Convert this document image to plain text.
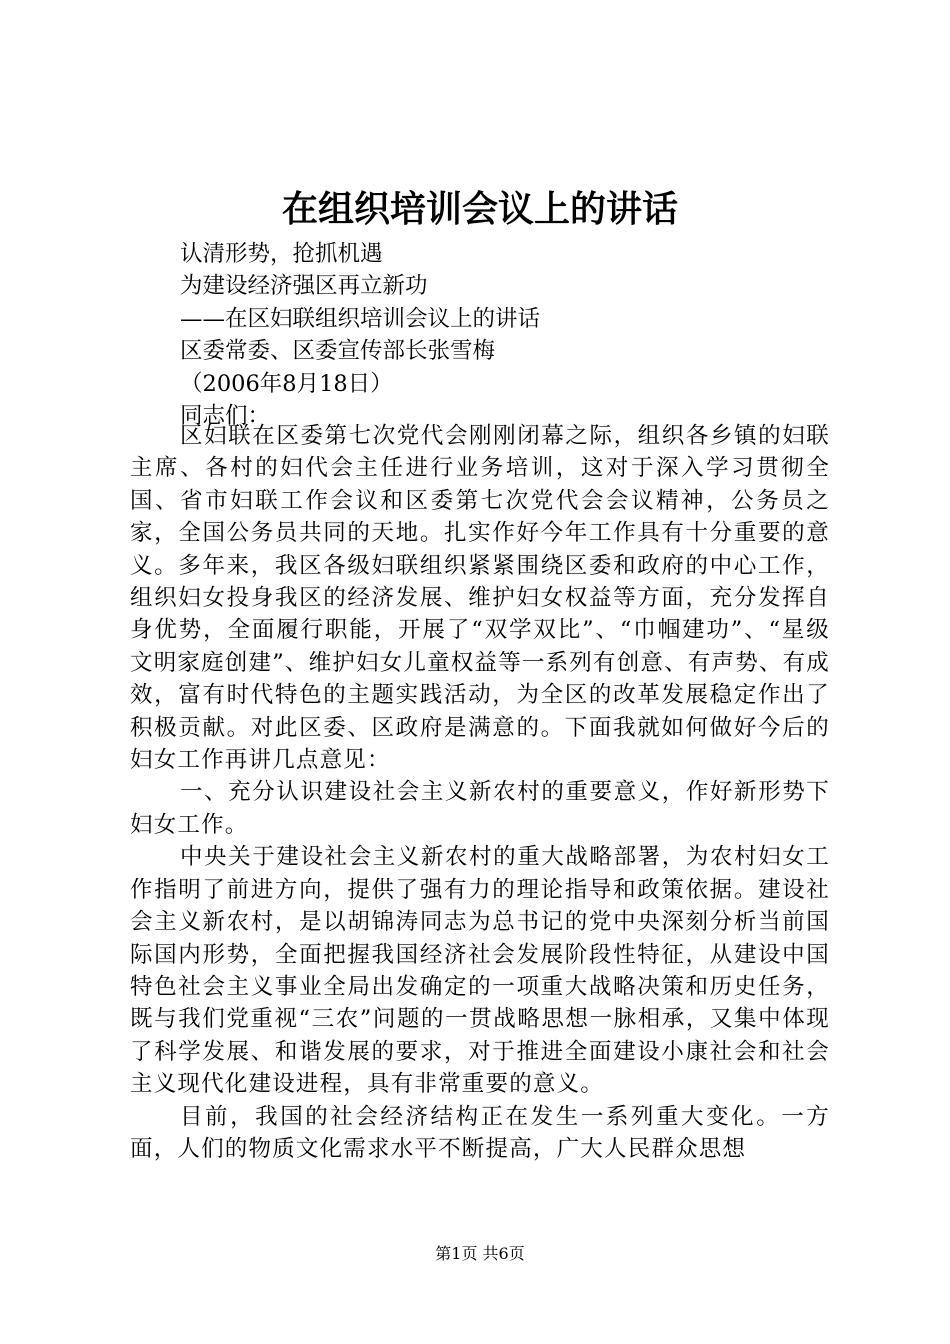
在组织培训会议上的讲话
认清形势，抢抓机遇
为建设经济强区再立新功
——在区妇联组织培训会议上的讲话
区委常委、区委宣传部长张雪梅
（2006年8月18日）
同志们：

区妇联在区委第七次党代会刚刚闭幕之际，组织各乡镇的妇联主席、各村的妇代会主任进行业务培训，这对于深入学习贯彻全国、省市妇联工作会议和区委第七次党代会会议精神，公务员之家，全国公务员共同的天地。扎实作好今年工作具有十分重要的意义。多年来，我区各级妇联组织紧紧围绕区委和政府的中心工作，组织妇女投身我区的经济发展、维护妇女权益等方面，充分发挥自身优势，全面履行职能，开展了“双学双比”、“巾帼建功”、“星级文明家庭创建”、维护妇女儿童权益等一系列有创意、有声势、有成效，富有时代特色的主题实践活动，为全区的改革发展稳定作出了积极贡献。对此区委、区政府是满意的。下面我就如何做好今后的妇女工作再讲几点意见：

一、充分认识建设社会主义新农村的重要意义，作好新形势下妇女工作。

中央关于建设社会主义新农村的重大战略部署，为农村妇女工作指明了前进方向，提供了强有力的理论指导和政策依据。建设社会主义新农村，是以胡锦涛同志为总书记的党中央深刻分析当前国际国内形势，全面把握我国经济社会发展阶段性特征，从建设中国特色社会主义事业全局出发确定的一项重大战略决策和历史任务，既与我们党重视“三农”问题的一贯战略思想一脉相承，又集中体现了科学发展、和谐发展的要求，对于推进全面建设小康社会和社会主义现代化建设进程，具有非常重要的意义。

目前，我国的社会经济结构正在发生一系列重大变化。一方面，人们的物质文化需求水平不断提高，广大人民群众思想

第1页 共6页
